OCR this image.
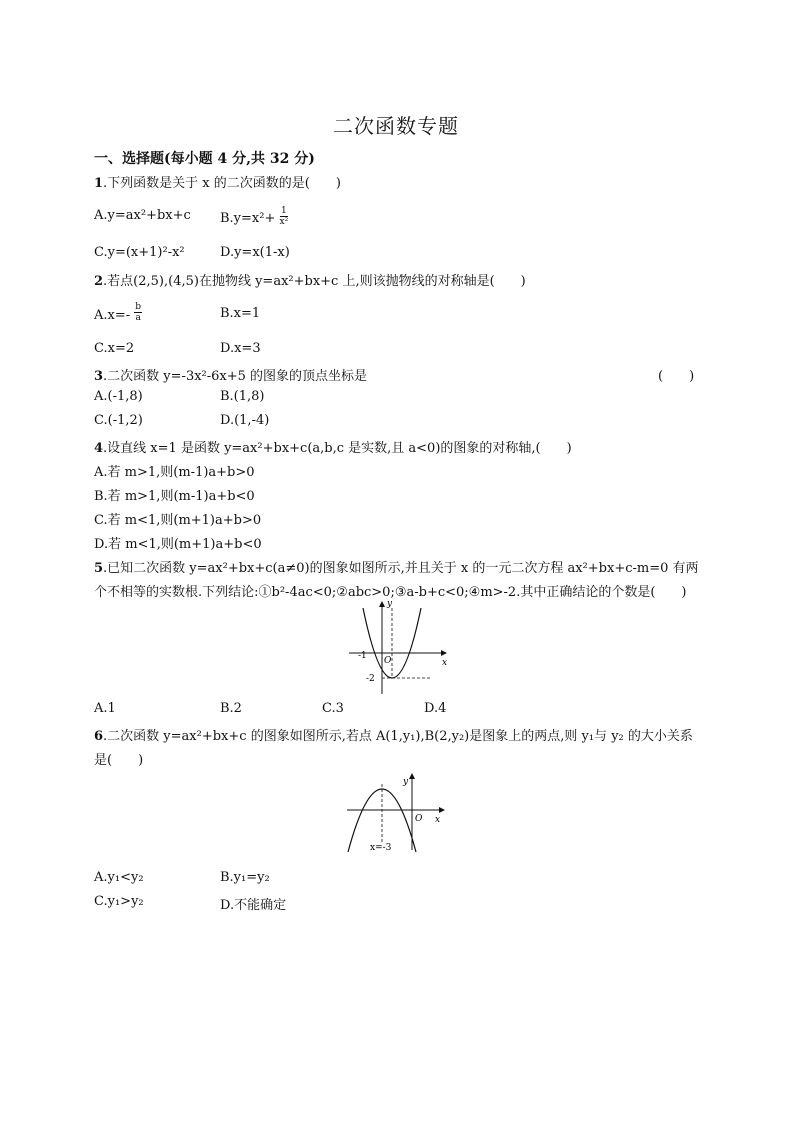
二次函数专题
一、选择题(每小题 4 分,共 32 分)
1.下列函数是关于 x 的二次函数的是(　　)
A.y=ax²+bx+c $B.y=x^2+ \frac{1}{\text{x²}}$
C.y=(x+1)²-x²	D.y=x(1-x)
2.若点(2,5),(4,5)在抛物线 y=ax²+bx+c 上,则该抛物线的对称轴是(　　)
$A.x=- \frac{b}{a}$	B.x=1
C.x=2	D.x=3
3.二次函数 y=-3x²-6x+5 的图象的顶点坐标是	(　　)
A.(-1,8)	B.(1,8)
C.(-1,2)	D.(1,-4)
4.设直线 x=1 是函数 y=ax²+bx+c(a,b,c 是实数,且 a<0)的图象的对称轴,(　　)
A.若 m>1,则(m-1)a+b>0
B.若 m>1,则(m-1)a+b<0
C.若 m<1,则(m+1)a+b>0
D.若 m<1,则(m+1)a+b<0
5.已知二次函数 y=ax²+bx+c(a≠0)的图象如图所示,并且关于 x 的一元二次方程 ax²+bx+c-m=0 有两
个不相等的实数根.下列结论:①b²-4ac<0;②abc>0;③a-b+c<0;④m>-2.其中正确结论的个数是(　　)
y
x
O
-1
-2
A.1	B.2	C.3	D.4
6.二次函数 y=ax²+bx+c 的图象如图所示,若点 A(1,y₁),B(2,y₂)是图象上的两点,则 y₁与 y₂ 的大小关系
是(　　)
y
x
O
x=-3
A.y₁<y₂	B.y₁=y₂
C.y₁>y₂	D.不能确定
